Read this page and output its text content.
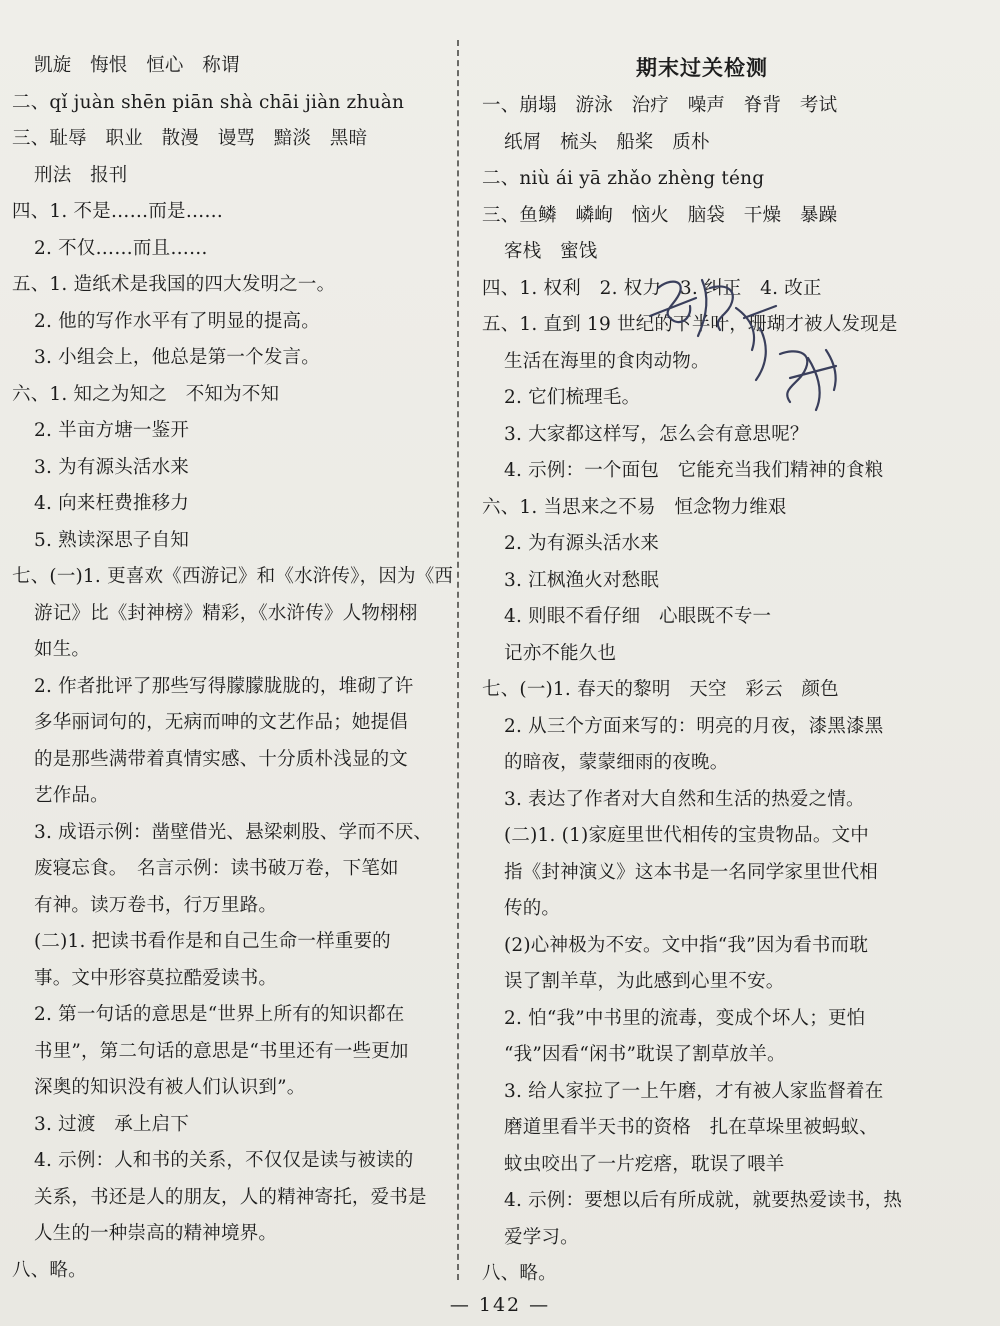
凯旋　悔恨　恒心　称谓
二、qǐ juàn shēn piān shà chāi jiàn zhuàn
三、耻辱　职业　散漫　谩骂　黯淡　黑暗
刑法　报刊
四、1. 不是……而是……
2. 不仅……而且……
五、1. 造纸术是我国的四大发明之一。
2. 他的写作水平有了明显的提高。
3. 小组会上，他总是第一个发言。
六、1. 知之为知之　不知为不知
2. 半亩方塘一鉴开
3. 为有源头活水来
4. 向来枉费推移力
5. 熟读深思子自知
七、(一)1. 更喜欢《西游记》和《水浒传》，因为《西
游记》比《封神榜》精彩，《水浒传》人物栩栩
如生。
2. 作者批评了那些写得朦朦胧胧的，堆砌了许
多华丽词句的，无病而呻的文艺作品；她提倡
的是那些满带着真情实感、十分质朴浅显的文
艺作品。
3. 成语示例：凿壁借光、悬梁刺股、学而不厌、
废寝忘食。　名言示例：读书破万卷，下笔如
有神。读万卷书，行万里路。
(二)1. 把读书看作是和自己生命一样重要的
事。文中形容莫拉酷爱读书。
2. 第一句话的意思是“世界上所有的知识都在
书里”，第二句话的意思是“书里还有一些更加
深奥的知识没有被人们认识到”。
3. 过渡　承上启下
4. 示例：人和书的关系，不仅仅是读与被读的
关系，书还是人的朋友，人的精神寄托，爱书是
人生的一种崇高的精神境界。
八、略。
期末过关检测
一、崩塌　游泳　治疗　噪声　脊背　考试
纸屑　梳头　船桨　质朴
二、niù ái yā zhǎo zhèng téng
三、鱼鳞　嶙峋　恼火　脑袋　干燥　暴躁
客栈　蜜饯
四、1. 权利　2. 权力　3. 纠正　4. 改正
五、1. 直到 19 世纪的下半叶，珊瑚才被人发现是
生活在海里的食肉动物。
2. 它们梳理毛。
3. 大家都这样写，怎么会有意思呢？
4. 示例：一个面包　它能充当我们精神的食粮
六、1. 当思来之不易　恒念物力维艰
2. 为有源头活水来
3. 江枫渔火对愁眠
4. 则眼不看仔细　心眼既不专一
记亦不能久也
七、(一)1. 春天的黎明　天空　彩云　颜色
2. 从三个方面来写的：明亮的月夜，漆黑漆黑
的暗夜，蒙蒙细雨的夜晚。
3. 表达了作者对大自然和生活的热爱之情。
(二)1. (1)家庭里世代相传的宝贵物品。文中
指《封神演义》这本书是一名同学家里世代相
传的。
(2)心神极为不安。文中指“我”因为看书而耽
误了割羊草，为此感到心里不安。
2. 怕“我”中书里的流毒，变成个坏人；更怕
“我”因看“闲书”耽误了割草放羊。
3. 给人家拉了一上午磨，才有被人家监督着在
磨道里看半天书的资格　扎在草垛里被蚂蚁、
蚊虫咬出了一片疙瘩，耽误了喂羊
4. 示例：要想以后有所成就，就要热爱读书，热
爱学习。
八、略。
— 142 —
